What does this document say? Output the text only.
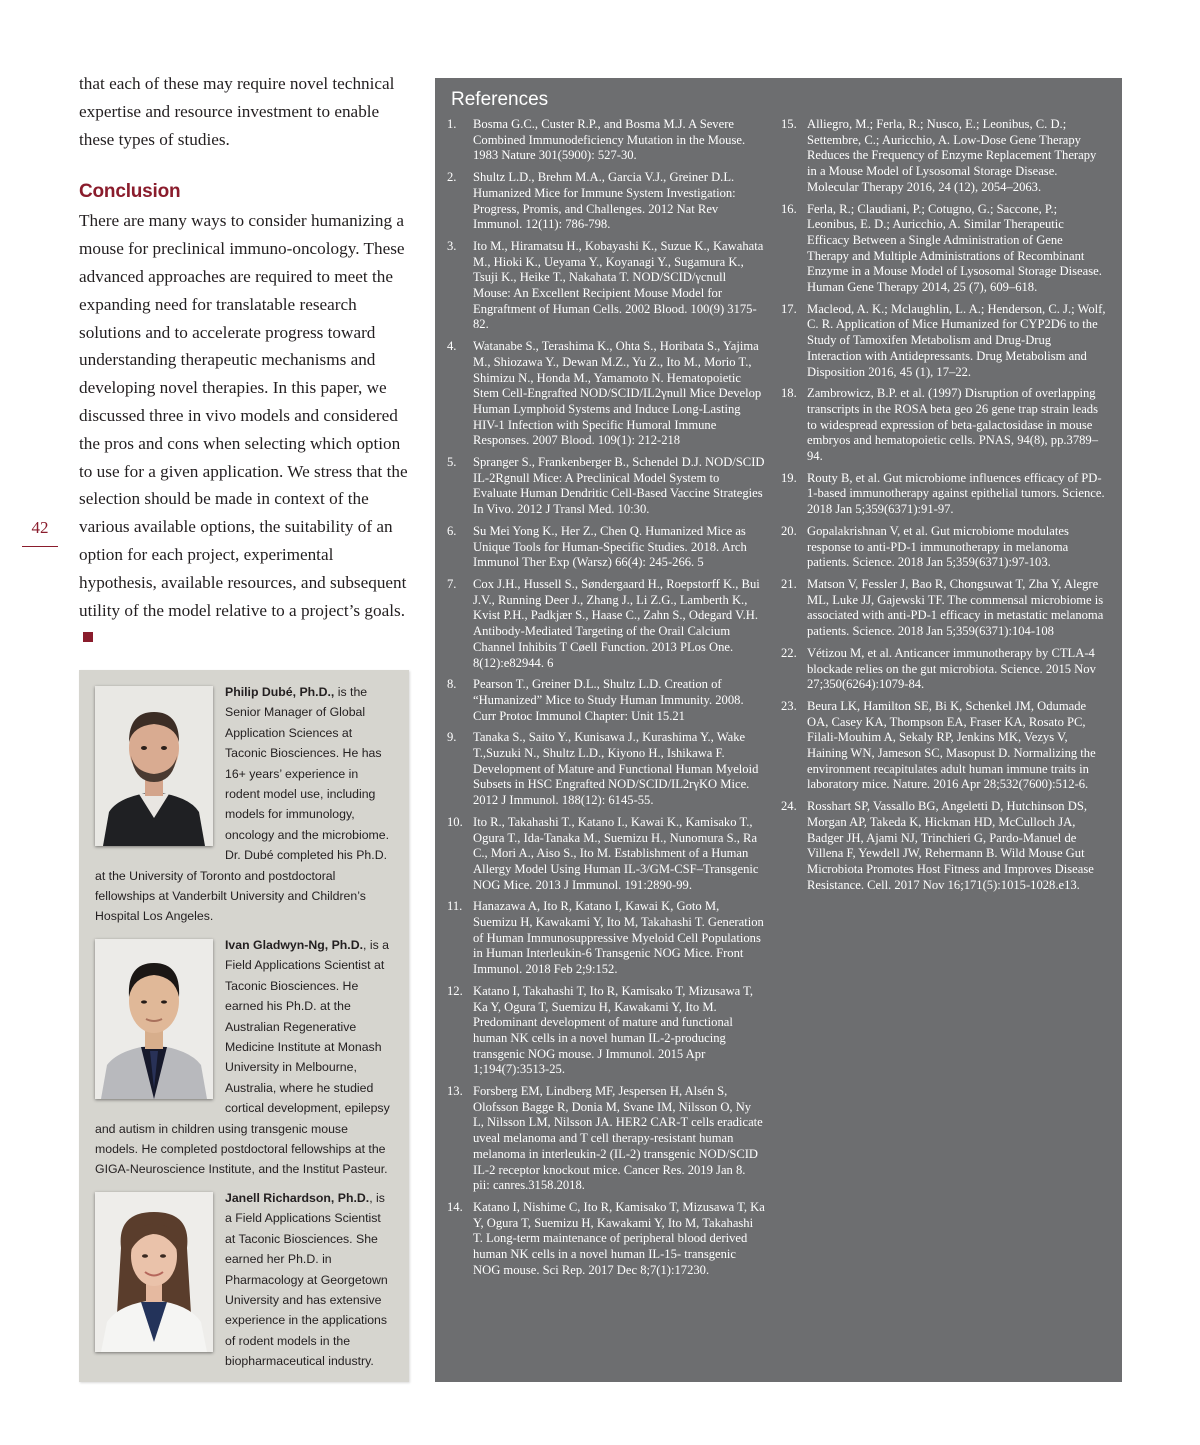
42

that each of these may require novel technical expertise and resource investment to enable these types of studies.

Conclusion

There are many ways to consider humanizing a mouse for preclinical immuno-oncology. These advanced approaches are required to meet the expanding need for translatable research solutions and to accelerate progress toward understanding therapeutic mechanisms and developing novel therapies. In this paper, we discussed three in vivo models and considered the pros and cons when selecting which option to use for a given application. We stress that the selection should be made in context of the various available options, the suitability of an option for each project, experimental hypothesis, available resources, and subsequent utility of the model relative to a project’s goals.

Philip Dubé, Ph.D., is the Senior Manager of Global Application Sciences at Taconic Biosciences. He has 16+ years’ experience in rodent model use, including models for immunology, oncology and the microbiome. Dr. Dubé completed his Ph.D. at the University of Toronto and postdoctoral fellowships at Vanderbilt University and Children’s Hospital Los Angeles.
Ivan Gladwyn-Ng, Ph.D., is a Field Applications Scientist at Taconic Biosciences. He earned his Ph.D. at the Australian Regenerative Medicine Institute at Monash University in Melbourne, Australia, where he studied cortical development, epilepsy and autism in children using transgenic mouse models. He completed postdoctoral fellowships at the GIGA-Neuroscience Institute, and the Institut Pasteur.
Janell Richardson, Ph.D., is a Field Applications Scientist at Taconic Biosciences. She earned her Ph.D. in Pharmacology at Georgetown University and has extensive experience in the applications of rodent models in the biopharmaceutical industry.
References
1. Bosma G.C., Custer R.P., and Bosma M.J. A Severe Combined Immunodeficiency Mutation in the Mouse. 1983 Nature 301(5900): 527-30.
2. Shultz L.D., Brehm M.A., Garcia V.J., Greiner D.L. Humanized Mice for Immune System Investigation: Progress, Promis, and Challenges. 2012 Nat Rev Immunol. 12(11): 786-798.
3. Ito M., Hiramatsu H., Kobayashi K., Suzue K., Kawahata M., Hioki K., Ueyama Y., Koyanagi Y., Sugamura K., Tsuji K., Heike T., Nakahata T. NOD/SCID/γcnull Mouse: An Excellent Recipient Mouse Model for Engraftment of Human Cells. 2002 Blood. 100(9) 3175-82.
4. Watanabe S., Terashima K., Ohta S., Horibata S., Yajima M., Shiozawa Y., Dewan M.Z., Yu Z., Ito M., Morio T., Shimizu N., Honda M., Yamamoto N. Hematopoietic Stem Cell-Engrafted NOD/SCID/IL2γnull Mice Develop Human Lymphoid Systems and Induce Long-Lasting HIV-1 Infection with Specific Humoral Immune Responses. 2007 Blood. 109(1): 212-218
5. Spranger S., Frankenberger B., Schendel D.J. NOD/SCID IL-2Rgnull Mice: A Preclinical Model System to Evaluate Human Dendritic Cell-Based Vaccine Strategies In Vivo. 2012 J Transl Med. 10:30.
6. Su Mei Yong K., Her Z., Chen Q. Humanized Mice as Unique Tools for Human-Specific Studies. 2018. Arch Immunol Ther Exp (Warsz) 66(4): 245-266. 5
7. Cox J.H., Hussell S., Søndergaard H., Roepstorff K., Bui J.V., Running Deer J., Zhang J., Li Z.G., Lamberth K., Kvist P.H., Padkjær S., Haase C., Zahn S., Odegard V.H. Antibody-Mediated Targeting of the Orail Calcium Channel Inhibits T Cøell Function. 2013 PLos One. 8(12):e82944. 6
8. Pearson T., Greiner D.L., Shultz L.D. Creation of “Humanized” Mice to Study Human Immunity. 2008. Curr Protoc Immunol Chapter: Unit 15.21
9. Tanaka S., Saito Y., Kunisawa J., Kurashima Y., Wake T.,Suzuki N., Shultz L.D., Kiyono H., Ishikawa F. Development of Mature and Functional Human Myeloid Subsets in HSC Engrafted NOD/SCID/IL2rγKO Mice. 2012 J Immunol. 188(12): 6145-55.
10. Ito R., Takahashi T., Katano I., Kawai K., Kamisako T., Ogura T., Ida-Tanaka M., Suemizu H., Nunomura S., Ra C., Mori A., Aiso S., Ito M. Establishment of a Human Allergy Model Using Human IL-3/GM-CSF–Transgenic NOG Mice. 2013 J Immunol. 191:2890-99.
11. Hanazawa A, Ito R, Katano I, Kawai K, Goto M, Suemizu H, Kawakami Y, Ito M, Takahashi T. Generation of Human Immunosuppressive Myeloid Cell Populations in Human Interleukin-6 Transgenic NOG Mice. Front Immunol. 2018 Feb 2;9:152.
12. Katano I, Takahashi T, Ito R, Kamisako T, Mizusawa T, Ka Y, Ogura T, Suemizu H, Kawakami Y, Ito M. Predominant development of mature and functional human NK cells in a novel human IL-2-producing transgenic NOG mouse. J Immunol. 2015 Apr 1;194(7):3513-25.
13. Forsberg EM, Lindberg MF, Jespersen H, Alsén S, Olofsson Bagge R, Donia M, Svane IM, Nilsson O, Ny L, Nilsson LM, Nilsson JA. HER2 CAR-T cells eradicate uveal melanoma and T cell therapy-resistant human melanoma in interleukin-2 (IL-2) transgenic NOD/SCID IL-2 receptor knockout mice. Cancer Res. 2019 Jan 8. pii: canres.3158.2018.
14. Katano I, Nishime C, Ito R, Kamisako T, Mizusawa T, Ka Y, Ogura T, Suemizu H, Kawakami Y, Ito M, Takahashi T. Long-term maintenance of peripheral blood derived human NK cells in a novel human IL-15- transgenic NOG mouse. Sci Rep. 2017 Dec 8;7(1):17230.
15. Alliegro, M.; Ferla, R.; Nusco, E.; Leonibus, C. D.; Settembre, C.; Auricchio, A. Low-Dose Gene Therapy Reduces the Frequency of Enzyme Replacement Therapy in a Mouse Model of Lysosomal Storage Disease. Molecular Therapy 2016, 24 (12), 2054–2063.
16. Ferla, R.; Claudiani, P.; Cotugno, G.; Saccone, P.; Leonibus, E. D.; Auricchio, A. Similar Therapeutic Efficacy Between a Single Administration of Gene Therapy and Multiple Administrations of Recombinant Enzyme in a Mouse Model of Lysosomal Storage Disease. Human Gene Therapy 2014, 25 (7), 609–618.
17. Macleod, A. K.; Mclaughlin, L. A.; Henderson, C. J.; Wolf, C. R. Application of Mice Humanized for CYP2D6 to the Study of Tamoxifen Metabolism and Drug-Drug Interaction with Antidepressants. Drug Metabolism and Disposition 2016, 45 (1), 17–22.
18. Zambrowicz, B.P. et al. (1997) Disruption of overlapping transcripts in the ROSA beta geo 26 gene trap strain leads to widespread expression of beta-galactosidase in mouse embryos and hematopoietic cells. PNAS, 94(8), pp.3789–94.
19. Routy B, et al. Gut microbiome influences efficacy of PD-1-based immunotherapy against epithelial tumors. Science. 2018 Jan 5;359(6371):91-97.
20. Gopalakrishnan V, et al. Gut microbiome modulates response to anti-PD-1 immunotherapy in melanoma patients. Science. 2018 Jan 5;359(6371):97-103.
21. Matson V, Fessler J, Bao R, Chongsuwat T, Zha Y, Alegre ML, Luke JJ, Gajewski TF. The commensal microbiome is associated with anti-PD-1 efficacy in metastatic melanoma patients. Science. 2018 Jan 5;359(6371):104-108
22. Vétizou M, et al. Anticancer immunotherapy by CTLA-4 blockade relies on the gut microbiota. Science. 2015 Nov 27;350(6264):1079-84.
23. Beura LK, Hamilton SE, Bi K, Schenkel JM, Odumade OA, Casey KA, Thompson EA, Fraser KA, Rosato PC, Filali-Mouhim A, Sekaly RP, Jenkins MK, Vezys V, Haining WN, Jameson SC, Masopust D. Normalizing the environment recapitulates adult human immune traits in laboratory mice. Nature. 2016 Apr 28;532(7600):512-6.
24. Rosshart SP, Vassallo BG, Angeletti D, Hutchinson DS, Morgan AP, Takeda K, Hickman HD, McCulloch JA, Badger JH, Ajami NJ, Trinchieri G, Pardo-Manuel de Villena F, Yewdell JW, Rehermann B. Wild Mouse Gut Microbiota Promotes Host Fitness and Improves Disease Resistance. Cell. 2017 Nov 16;171(5):1015-1028.e13.
